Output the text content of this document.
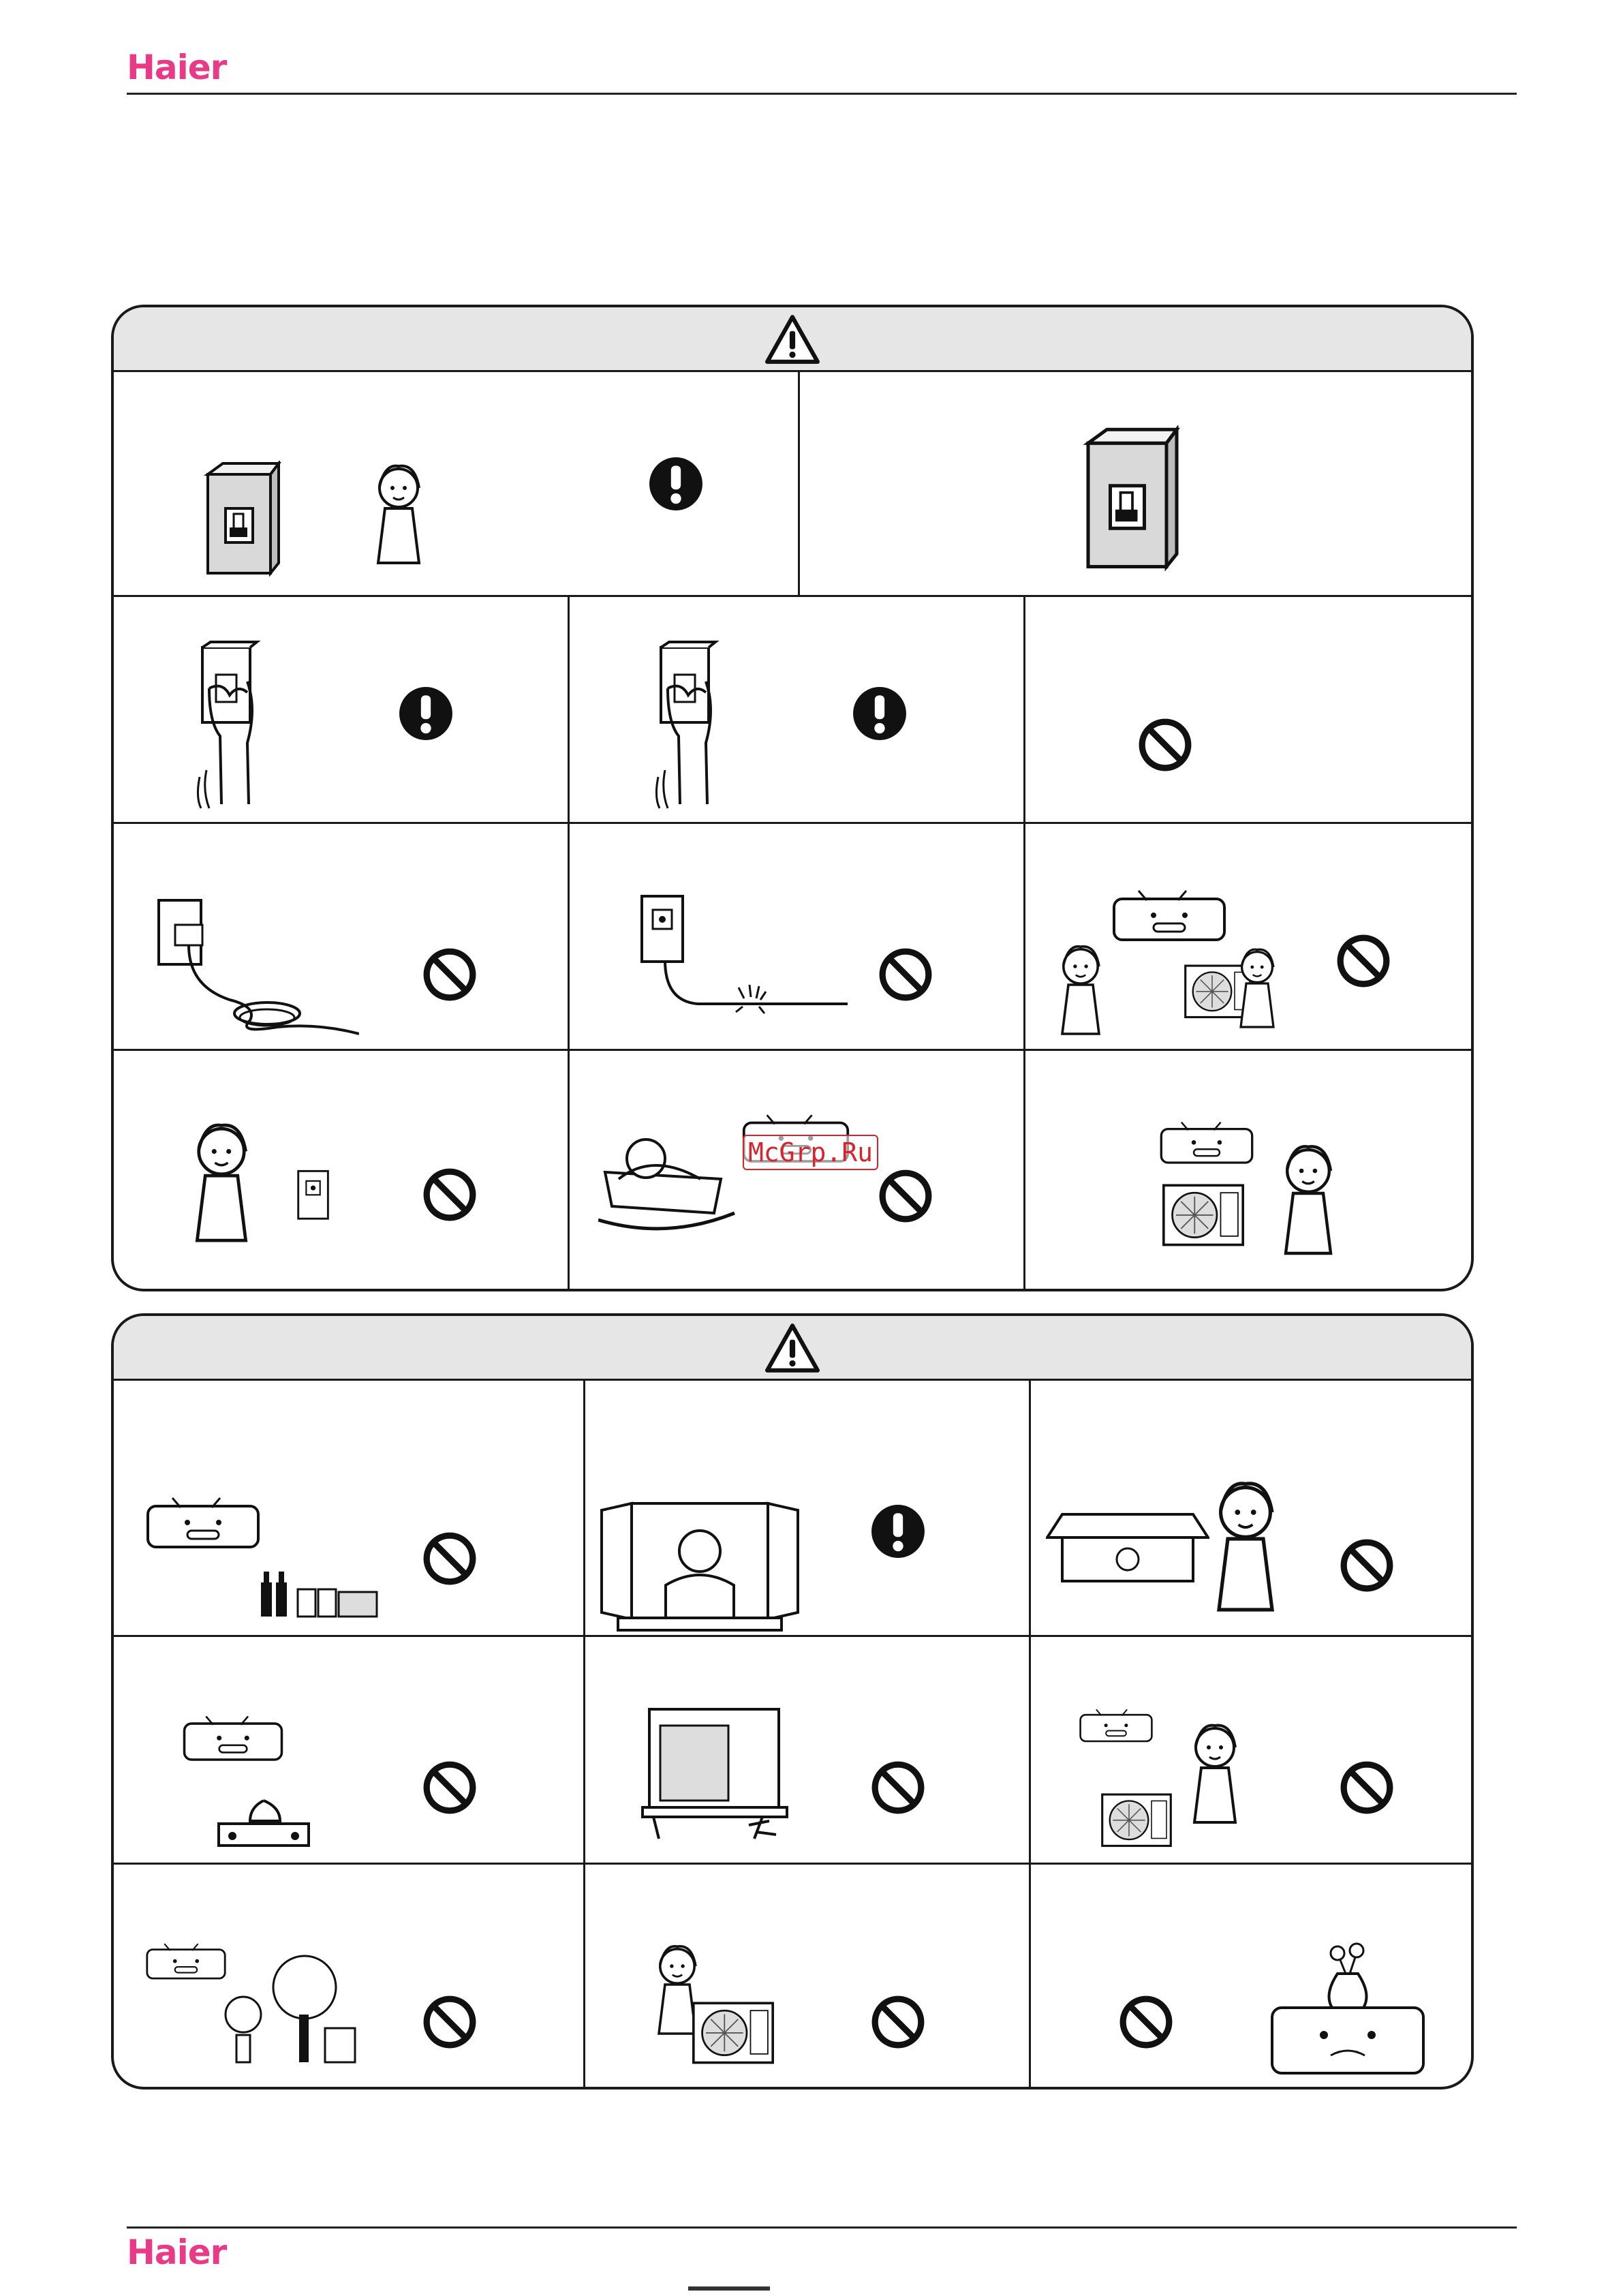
Haier
McGrp.Ru
Haier
